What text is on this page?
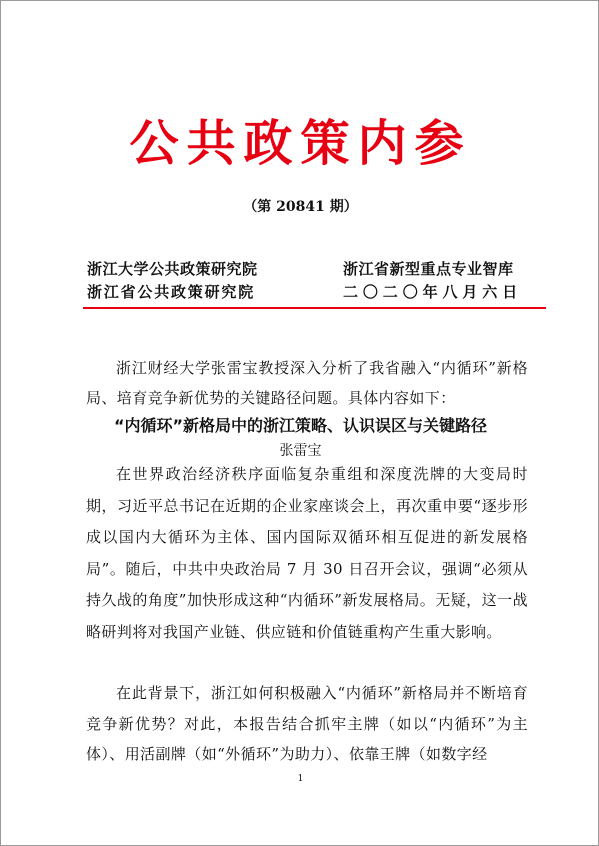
公共政策内参
（第 20841 期）
浙江大学公共政策研究院
浙江省公共政策研究院
浙江省新型重点专业智库
二〇二〇年八月六日
浙江财经大学张雷宝教授深入分析了我省融入“内循环”新格局、培育竞争新优势的关键路径问题。具体内容如下：
“内循环”新格局中的浙江策略、认识误区与关键路径
张雷宝
在世界政治经济秩序面临复杂重组和深度洗牌的大变局时期，习近平总书记在近期的企业家座谈会上，再次重申要“逐步形成以国内大循环为主体、国内国际双循环相互促进的新发展格局”。随后，中共中央政治局 7 月 30 日召开会议，强调“必须从持久战的角度”加快形成这种“内循环”新发展格局。无疑，这一战略研判将对我国产业链、供应链和价值链重构产生重大影响。
在此背景下，浙江如何积极融入“内循环”新格局并不断培育竞争新优势？对此，本报告结合抓牢主牌（如以“内循环”为主体）、用活副牌（如“外循环”为助力）、依靠王牌（如数字经
1
